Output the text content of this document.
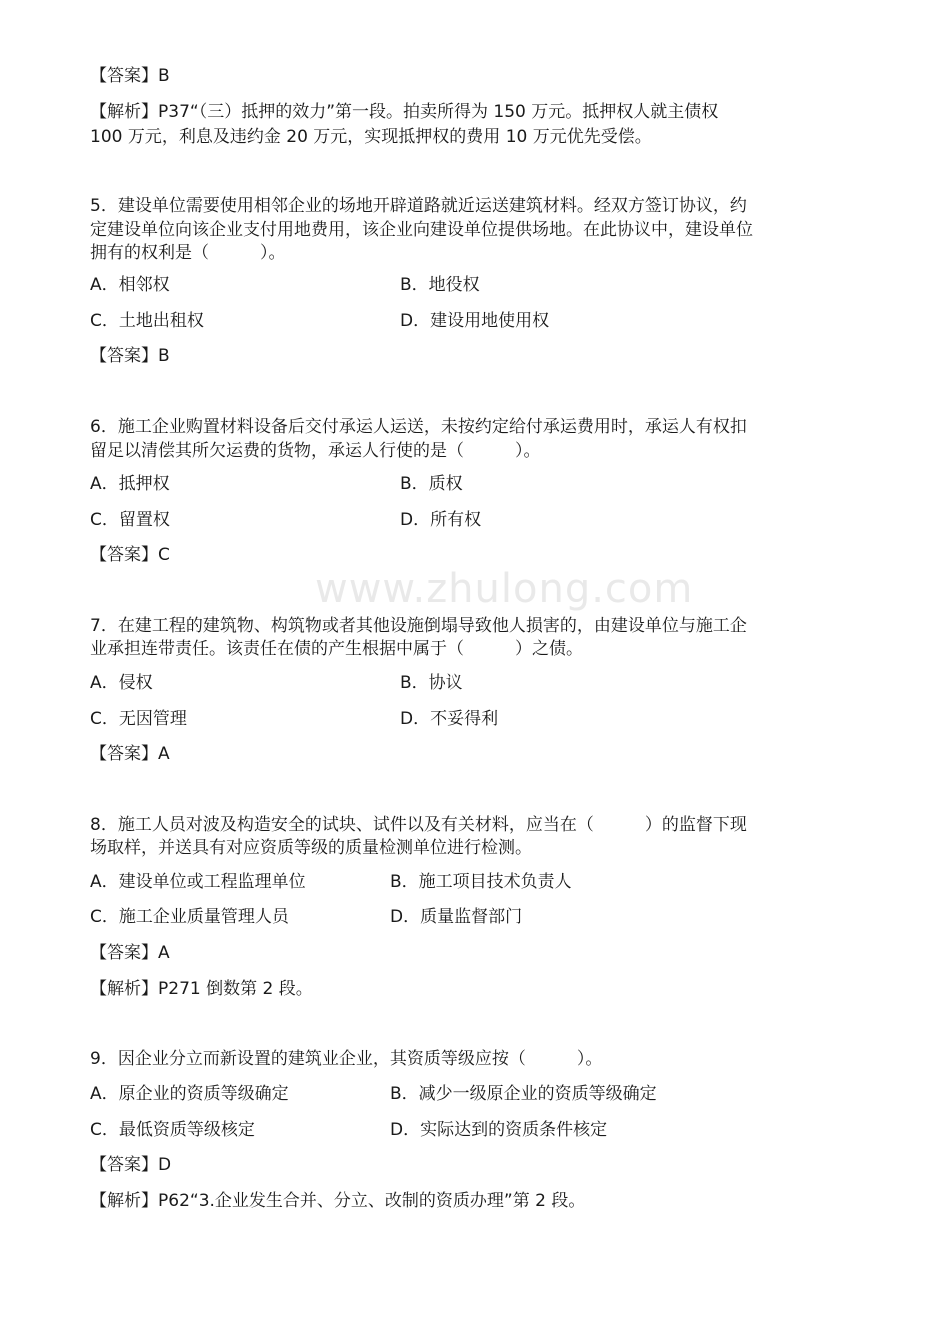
www.zhulong.com
【答案】B
【解析】P37“（三）抵押的效力”第一段。拍卖所得为 150 万元。抵押权人就主债权
100 万元，利息及违约金 20 万元，实现抵押权的费用 10 万元优先受偿。
5．建设单位需要使用相邻企业的场地开辟道路就近运送建筑材料。经双方签订协议，约
定建设单位向该企业支付用地费用，该企业向建设单位提供场地。在此协议中，建设单位
拥有的权利是（　　　）。
A．相邻权	B．地役权
C．土地出租权	D．建设用地使用权
【答案】B
6．施工企业购置材料设备后交付承运人运送，未按约定给付承运费用时，承运人有权扣
留足以清偿其所欠运费的货物，承运人行使的是（　　　）。
A．抵押权	B．质权
C．留置权	D．所有权
【答案】C
7．在建工程的建筑物、构筑物或者其他设施倒塌导致他人损害的，由建设单位与施工企
业承担连带责任。该责任在债的产生根据中属于（　　　）之债。
A．侵权	B．协议
C．无因管理	D．不妥得利
【答案】A
8．施工人员对波及构造安全的试块、试件以及有关材料，应当在（　　　）的监督下现
场取样，并送具有对应资质等级的质量检测单位进行检测。
A．建设单位或工程监理单位	B．施工项目技术负责人
C．施工企业质量管理人员	D．质量监督部门
【答案】A
【解析】P271 倒数第 2 段。
9．因企业分立而新设置的建筑业企业，其资质等级应按（　　　）。
A．原企业的资质等级确定	B．减少一级原企业的资质等级确定
C．最低资质等级核定	D．实际达到的资质条件核定
【答案】D
【解析】P62“3.企业发生合并、分立、改制的资质办理”第 2 段。
